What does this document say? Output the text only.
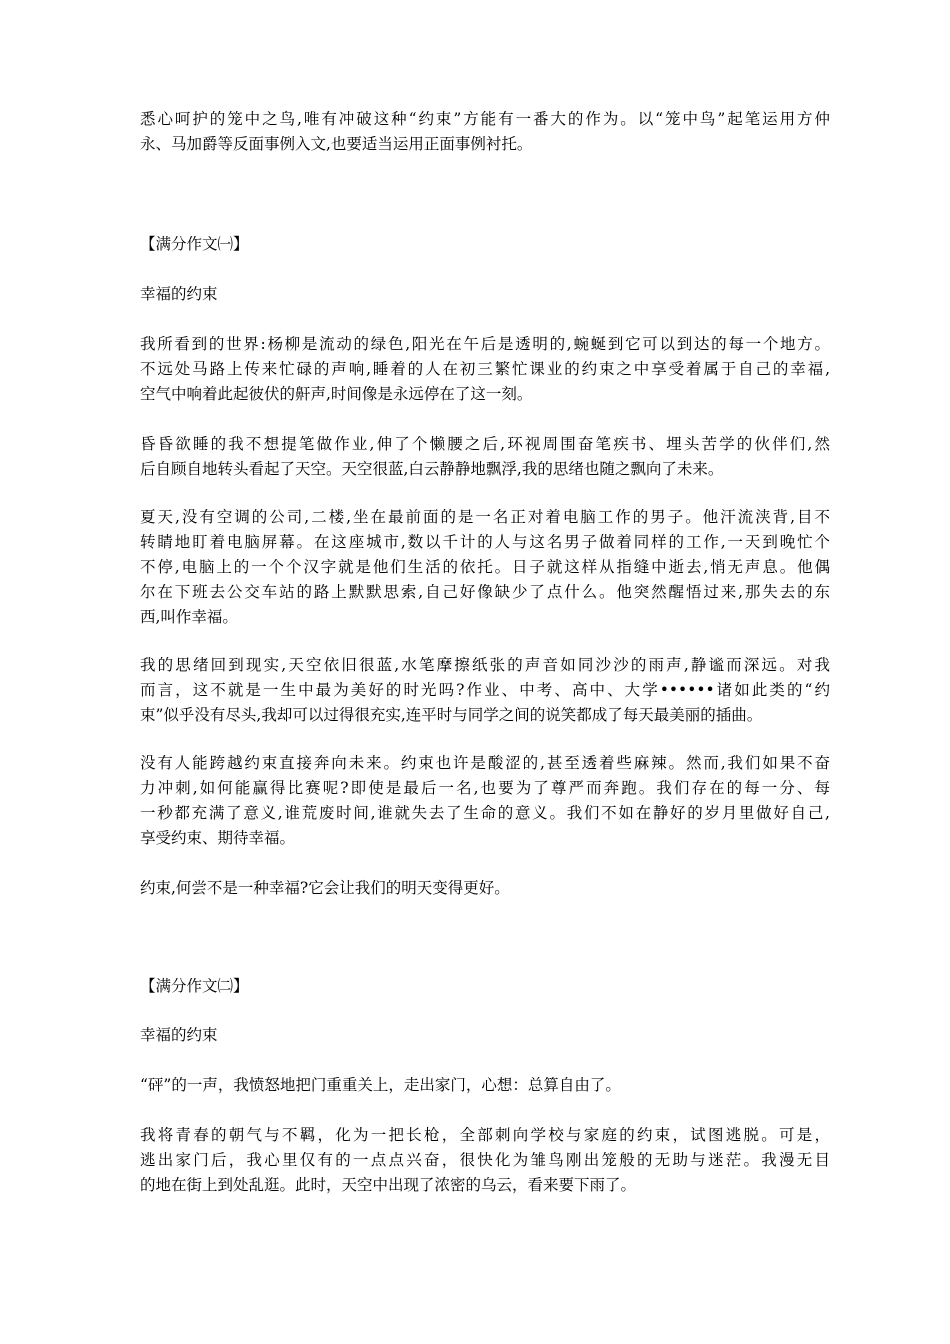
悉心呵护的笼中之鸟,唯有冲破这种“约束”方能有一番大的作为。以“笼中鸟”起笔运用方仲
永、马加爵等反面事例入文,也要适当运用正面事例衬托。
【满分作文㈠】
幸福的约束
我所看到的世界:杨柳是流动的绿色,阳光在午后是透明的,蜿蜒到它可以到达的每一个地方。
不远处马路上传来忙碌的声响,睡着的人在初三繁忙课业的约束之中享受着属于自己的幸福,
空气中响着此起彼伏的鼾声,时间像是永远停在了这一刻。
昏昏欲睡的我不想提笔做作业,伸了个懒腰之后,环视周围奋笔疾书、埋头苦学的伙伴们,然
后自顾自地转头看起了天空。天空很蓝,白云静静地飘浮,我的思绪也随之飘向了未来。
夏天,没有空调的公司,二楼,坐在最前面的是一名正对着电脑工作的男子。他汗流浃背,目不
转睛地盯着电脑屏幕。在这座城市,数以千计的人与这名男子做着同样的工作,一天到晚忙个
不停,电脑上的一个个汉字就是他们生活的依托。日子就这样从指缝中逝去,悄无声息。他偶
尔在下班去公交车站的路上默默思索,自己好像缺少了点什么。他突然醒悟过来,那失去的东
西,叫作幸福。
我的思绪回到现实,天空依旧很蓝,水笔摩擦纸张的声音如同沙沙的雨声,静谧而深远。对我
而言，这不就是一生中最为美好的时光吗?作业、中考、高中、大学••••••诸如此类的“约
束”似乎没有尽头,我却可以过得很充实,连平时与同学之间的说笑都成了每天最美丽的插曲。
没有人能跨越约束直接奔向未来。约束也许是酸涩的,甚至透着些麻辣。然而,我们如果不奋
力冲刺,如何能赢得比赛呢?即使是最后一名,也要为了尊严而奔跑。我们存在的每一分、每
一秒都充满了意义,谁荒废时间,谁就失去了生命的意义。我们不如在静好的岁月里做好自己,
享受约束、期待幸福。
约束,何尝不是一种幸福?它会让我们的明天变得更好。
【满分作文㈡】
幸福的约束
“砰”的一声，我愤怒地把门重重关上，走出家门，心想：总算自由了。
我将青春的朝气与不羁，化为一把长枪，全部刺向学校与家庭的约束，试图逃脱。可是，
逃出家门后，我心里仅有的一点点兴奋，很快化为雏鸟刚出笼般的无助与迷茫。我漫无目
的地在街上到处乱逛。此时，天空中出现了浓密的乌云，看来要下雨了。
